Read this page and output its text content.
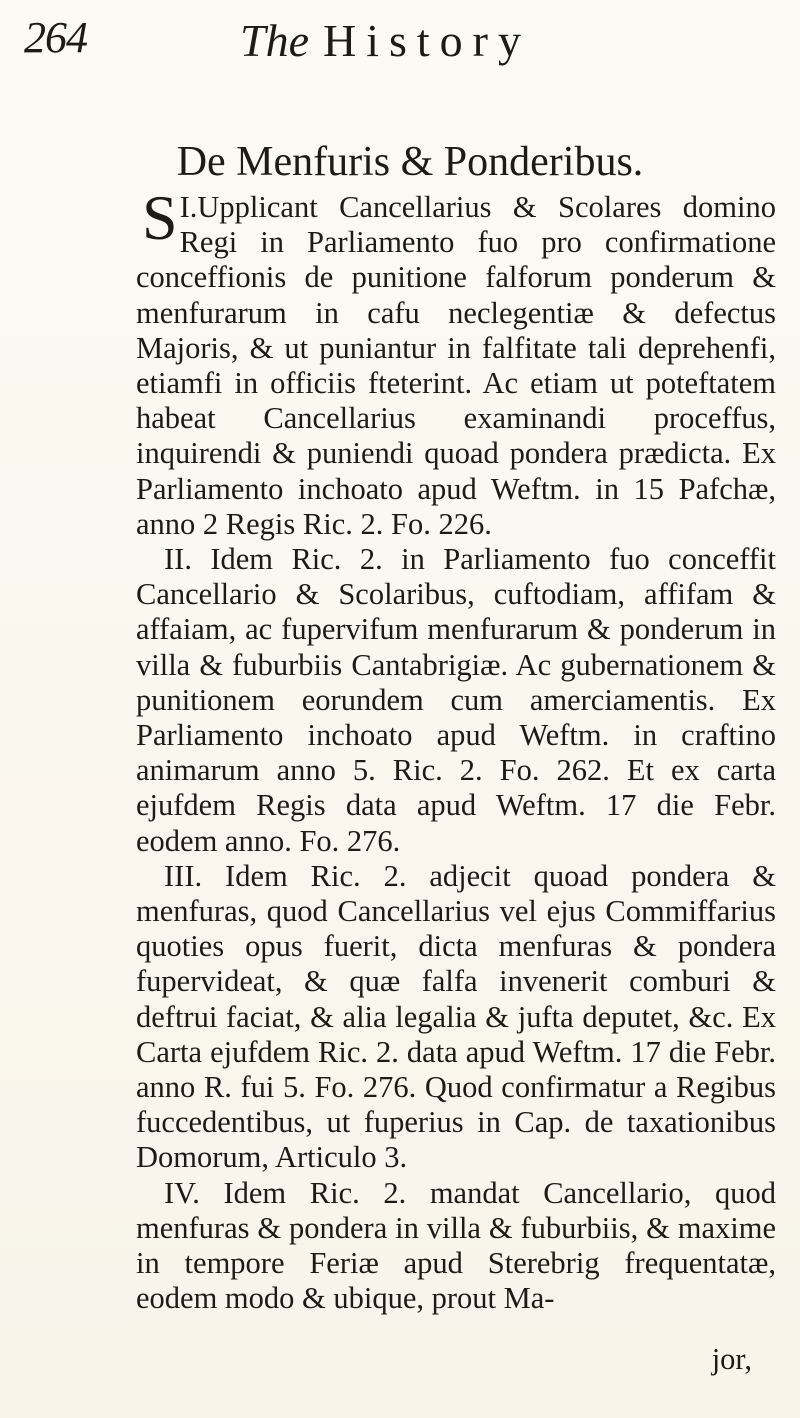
264	The History
De Menfuris & Ponderibus.

I.
S Upplicant Cancellarius & Scolares domino Regi in Parliamento fuo pro confirmatione conceffionis de punitione falforum ponderum & menfurarum in cafu neclegentiæ & defectus Majoris, & ut puniantur in falfitate tali deprehenfi, etiamfi in officiis fteterint. Ac etiam ut poteftatem habeat Cancellarius examinandi proceffus, inquirendi & puniendi quoad pondera prædicta. Ex Parliamento inchoato apud Weftm. in 15 Pafchæ, anno 2 Regis Ric. 2. Fo. 226.

II. Idem Ric. 2. in Parliamento fuo conceffit Cancellario & Scolaribus, cuftodiam, affifam & affaiam, ac fupervifum menfurarum & ponderum in villa & fuburbiis Cantabrigiæ. Ac gubernationem & punitionem eorundem cum amerciamentis. Ex Parliamento inchoato apud Weftm. in craftino animarum anno 5. Ric. 2. Fo. 262. Et ex carta ejufdem Regis data apud Weftm. 17 die Febr. eodem anno. Fo. 276.

III. Idem Ric. 2. adjecit quoad pondera & menfuras, quod Cancellarius vel ejus Commiffarius quoties opus fuerit, dicta menfuras & pondera fupervideat, & quæ falfa invenerit comburi & deftrui faciat, & alia legalia & jufta deputet, &c. Ex Carta ejufdem Ric. 2. data apud Weftm. 17 die Febr. anno R. fui 5. Fo. 276. Quod confirmatur a Regibus fuccedentibus, ut fuperius in Cap. de taxationibus Domorum, Articulo 3.

IV. Idem Ric. 2. mandat Cancellario, quod menfuras & pondera in villa & fuburbiis, & maxime in tempore Feriæ apud Sterebrig frequentatæ, eodem modo & ubique, prout Ma-

jor,
